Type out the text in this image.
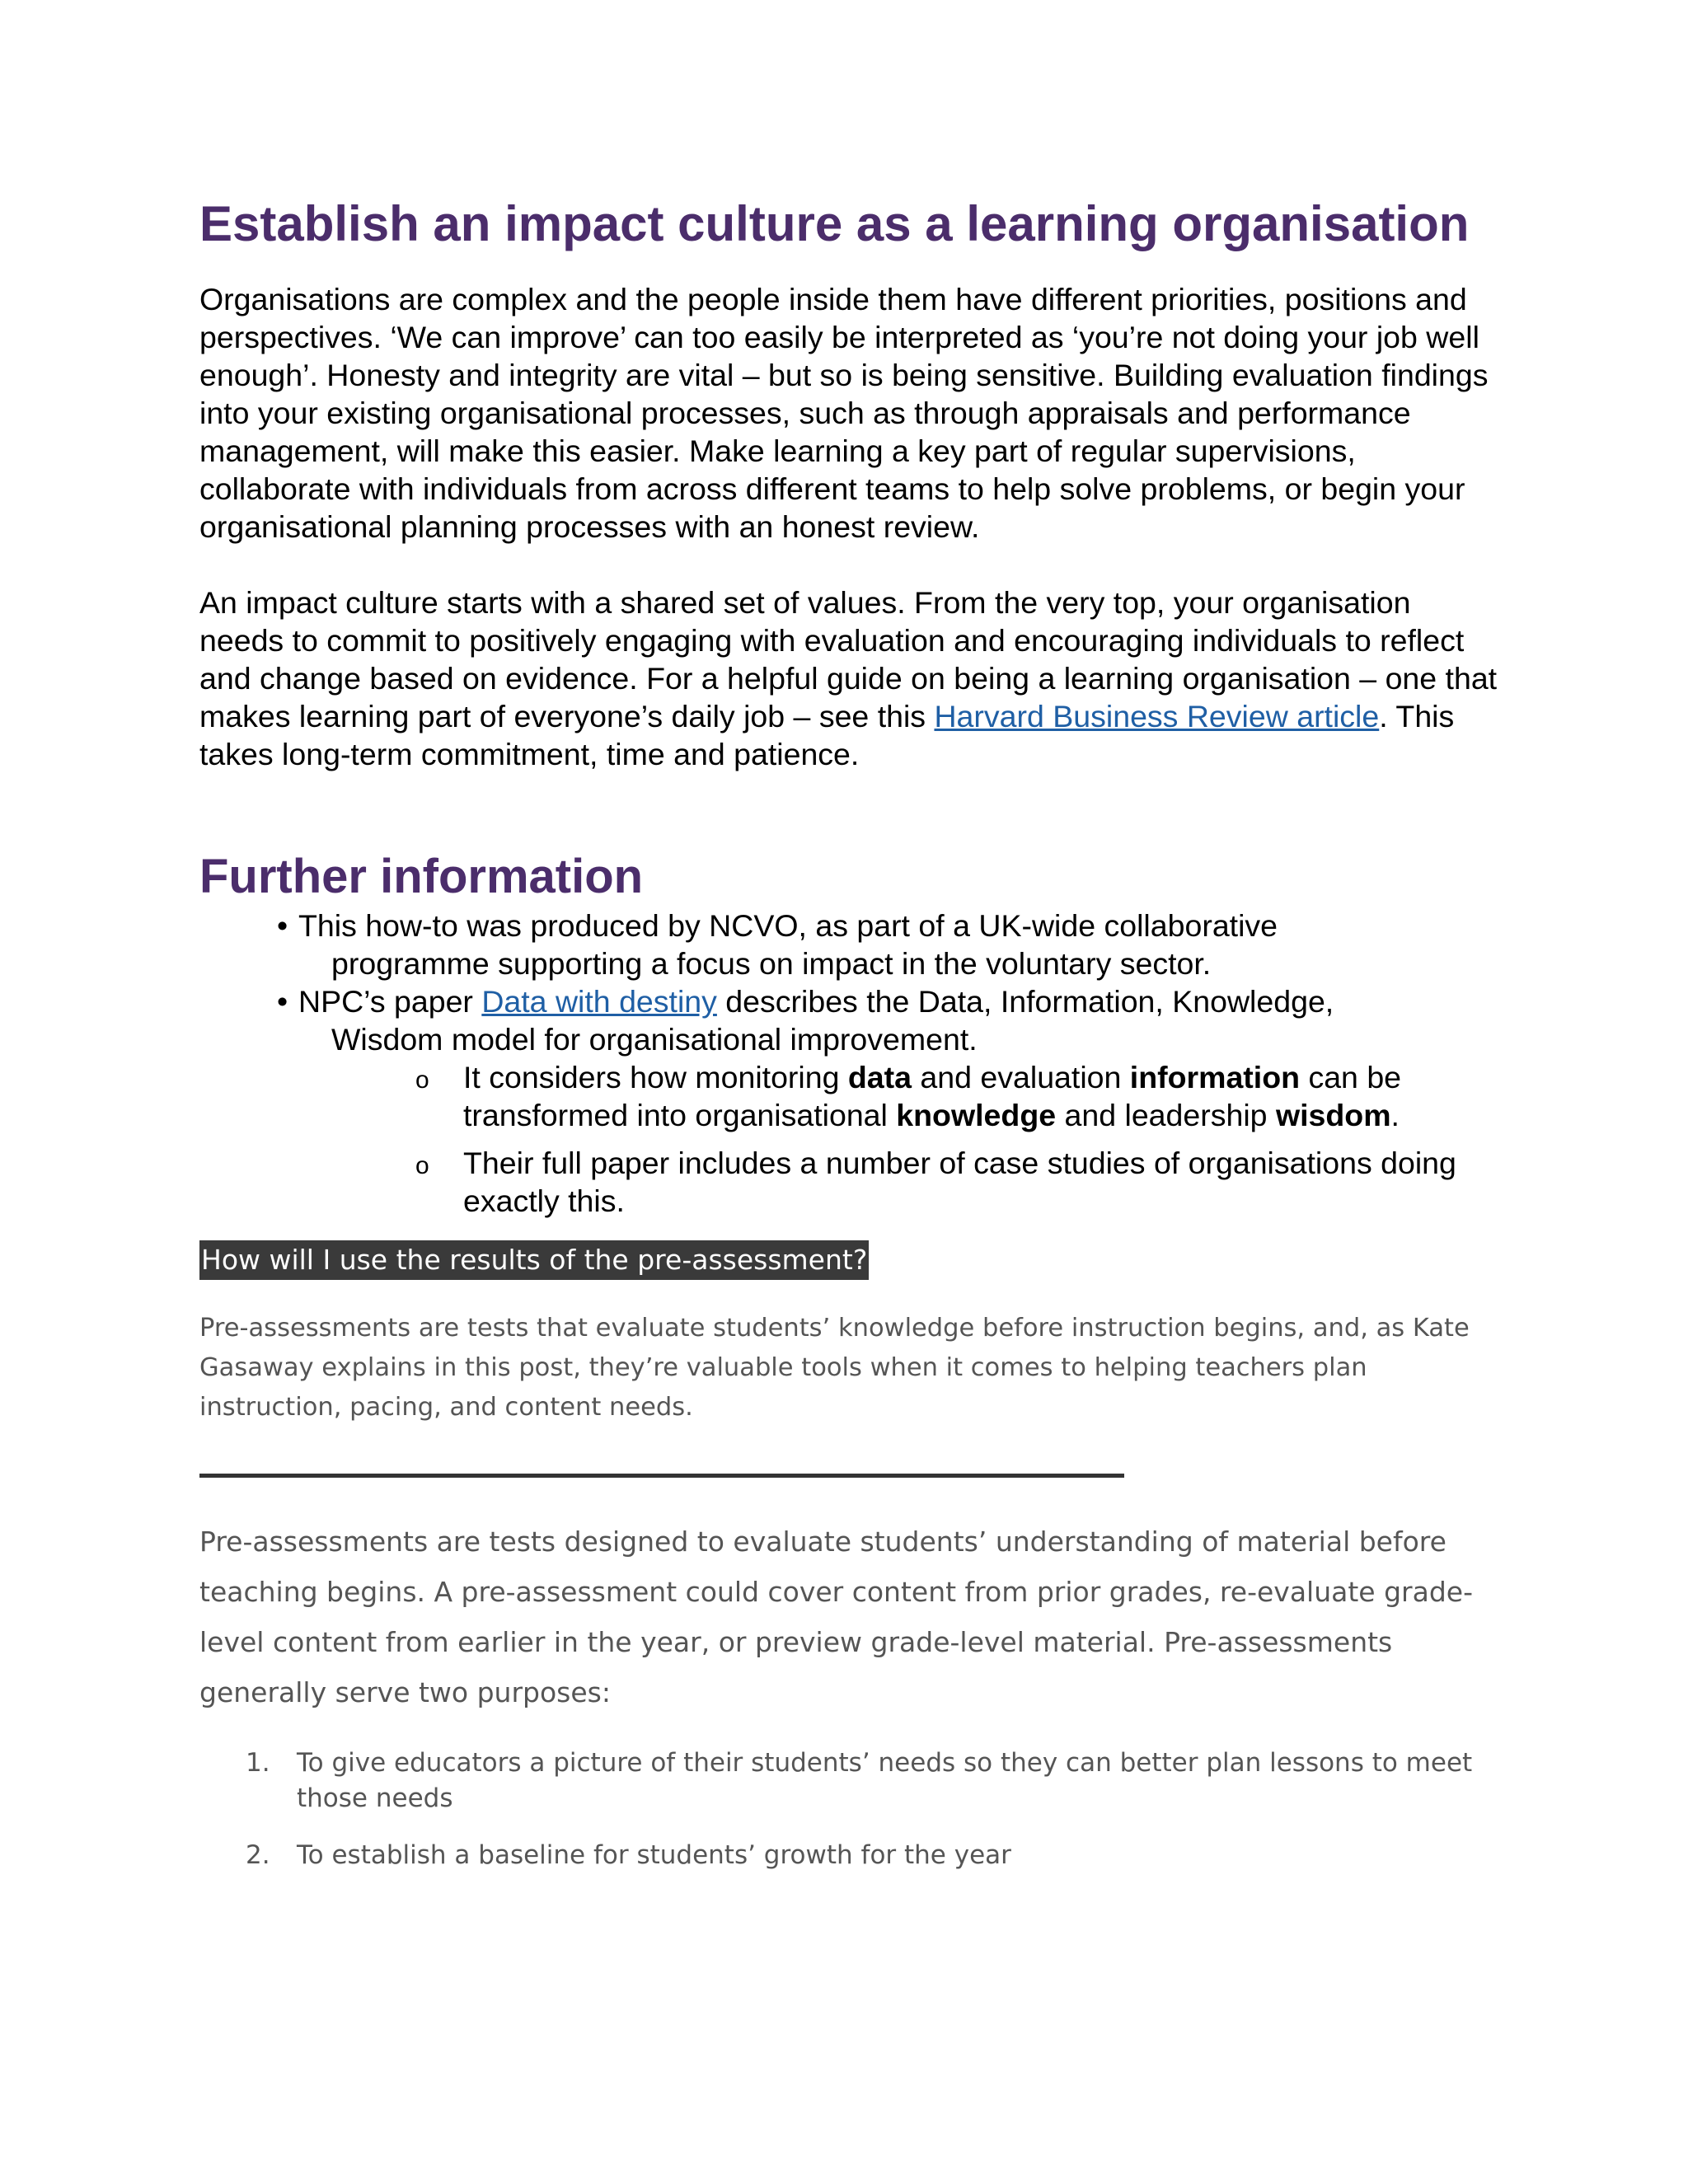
Establish an impact culture as a learning organisation

Organisations are complex and the people inside them have different priorities, positions and perspectives. ‘We can improve’ can too easily be interpreted as ‘you’re not doing your job well enough’. Honesty and integrity are vital – but so is being sensitive. Building evaluation findings into your existing organisational processes, such as through appraisals and performance management, will make this easier. Make learning a key part of regular supervisions, collaborate with individuals from across different teams to help solve problems, or begin your organisational planning processes with an honest review.

An impact culture starts with a shared set of values. From the very top, your organisation needs to commit to positively engaging with evaluation and encouraging individuals to reflect and change based on evidence. For a helpful guide on being a learning organisation – one that makes learning part of everyone’s daily job – see this Harvard Business Review article. This takes long-term commitment, time and patience.

Further information
• This how-to was produced by NCVO, as part of a UK-wide collaborative
programme supporting a focus on impact in the voluntary sector.
• NPC’s paper Data with destiny describes the Data, Information, Knowledge,
Wisdom model for organisational improvement.
o	It considers how monitoring data and evaluation information can be transformed into organisational knowledge and leadership wisdom.
o	Their full paper includes a number of case studies of organisations doing exactly this.
How will I use the results of the pre-assessment?

Pre-assessments are tests that evaluate students’ knowledge before instruction begins, and, as Kate Gasaway explains in this post, they’re valuable tools when it comes to helping teachers plan instruction, pacing, and content needs.

Pre-assessments are tests designed to evaluate students’ understanding of material before teaching begins. A pre-assessment could cover content from prior grades, re-evaluate grade-level content from earlier in the year, or preview grade-level material. Pre-assessments generally serve two purposes:

1. To give educators a picture of their students’ needs so they can better plan lessons to meet those needs
2. To establish a baseline for students’ growth for the year
